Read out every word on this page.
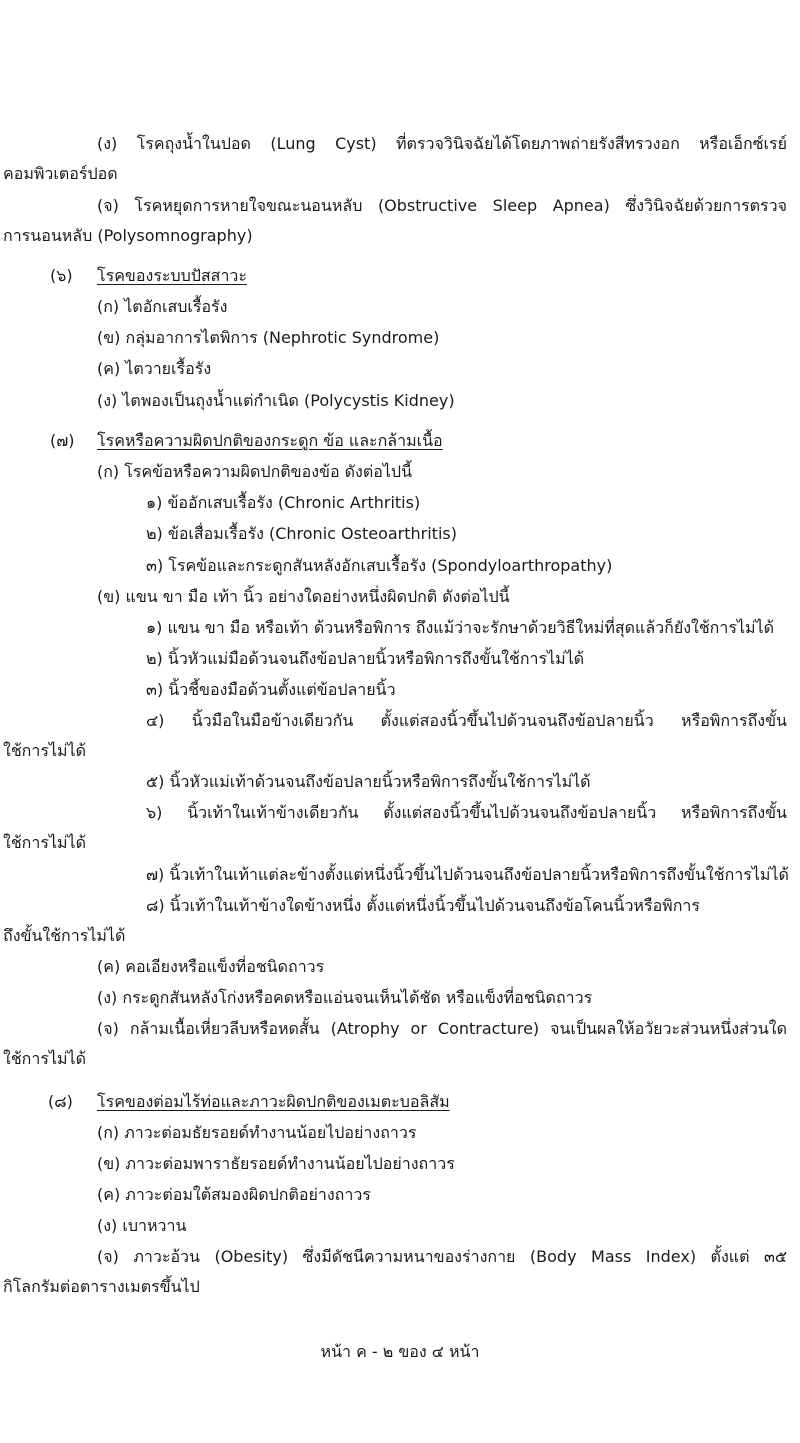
(ง) โรคถุงน้ำในปอด (Lung Cyst) ที่ตรวจวินิจฉัยได้โดยภาพถ่ายรังสีทรวงอก หรือเอ็กซ์เรย์
คอมพิวเตอร์ปอด
(จ) โรคหยุดการหายใจขณะนอนหลับ (Obstructive Sleep Apnea) ซึ่งวินิจฉัยด้วยการตรวจ
การนอนหลับ (Polysomnography)
(๖) โรคของระบบปัสสาวะ
(ก) ไตอักเสบเรื้อรัง
(ข) กลุ่มอาการไตพิการ (Nephrotic Syndrome)
(ค) ไตวายเรื้อรัง
(ง) ไตพองเป็นถุงน้ำแต่กำเนิด (Polycystis Kidney)
(๗) โรคหรือความผิดปกติของกระดูก ข้อ และกล้ามเนื้อ
(ก) โรคข้อหรือความผิดปกติของข้อ ดังต่อไปนี้
๑) ข้ออักเสบเรื้อรัง (Chronic Arthritis)
๒) ข้อเสื่อมเรื้อรัง (Chronic Osteoarthritis)
๓) โรคข้อและกระดูกสันหลังอักเสบเรื้อรัง (Spondyloarthropathy)
(ข) แขน ขา มือ เท้า นิ้ว อย่างใดอย่างหนึ่งผิดปกติ ดังต่อไปนี้
๑) แขน ขา มือ หรือเท้า ด้วนหรือพิการ ถึงแม้ว่าจะรักษาด้วยวิธีใหม่ที่สุดแล้วก็ยังใช้การไม่ได้
๒) นิ้วหัวแม่มือด้วนจนถึงข้อปลายนิ้วหรือพิการถึงขั้นใช้การไม่ได้
๓) นิ้วชี้ของมือด้วนตั้งแต่ข้อปลายนิ้ว
๔) นิ้วมือในมือข้างเดียวกัน ตั้งแต่สองนิ้วขึ้นไปด้วนจนถึงข้อปลายนิ้ว หรือพิการถึงขั้น
ใช้การไม่ได้
๕) นิ้วหัวแม่เท้าด้วนจนถึงข้อปลายนิ้วหรือพิการถึงขั้นใช้การไม่ได้
๖) นิ้วเท้าในเท้าข้างเดียวกัน ตั้งแต่สองนิ้วขึ้นไปด้วนจนถึงข้อปลายนิ้ว หรือพิการถึงขั้น
ใช้การไม่ได้
๗) นิ้วเท้าในเท้าแต่ละข้างตั้งแต่หนึ่งนิ้วขึ้นไปด้วนจนถึงข้อปลายนิ้วหรือพิการถึงขั้นใช้การไม่ได้
๘) นิ้วเท้าในเท้าข้างใดข้างหนึ่ง ตั้งแต่หนึ่งนิ้วขึ้นไปด้วนจนถึงข้อโคนนิ้วหรือพิการ
ถึงขั้นใช้การไม่ได้
(ค) คอเอียงหรือแข็งที่อชนิดถาวร
(ง) กระดูกสันหลังโก่งหรือคดหรือแอ่นจนเห็นได้ชัด หรือแข็งที่อชนิดถาวร
(จ) กล้ามเนื้อเหี่ยวลีบหรือหดสั้น (Atrophy or Contracture) จนเป็นผลให้อวัยวะส่วนหนึ่งส่วนใด
ใช้การไม่ได้
(๘) โรคของต่อมไร้ท่อและภาวะผิดปกติของเมตะบอลิสัม
(ก) ภาวะต่อมธัยรอยด์ทำงานน้อยไปอย่างถาวร
(ข) ภาวะต่อมพาราธัยรอยด์ทำงานน้อยไปอย่างถาวร
(ค) ภาวะต่อมใต้สมองผิดปกติอย่างถาวร
(ง) เบาหวาน
(จ) ภาวะอ้วน (Obesity) ซึ่งมีดัชนีความหนาของร่างกาย (Body Mass Index) ตั้งแต่ ๓๕
กิโลกรัมต่อตารางเมตรขึ้นไป
หน้า ค - ๒ ของ ๔ หน้า
